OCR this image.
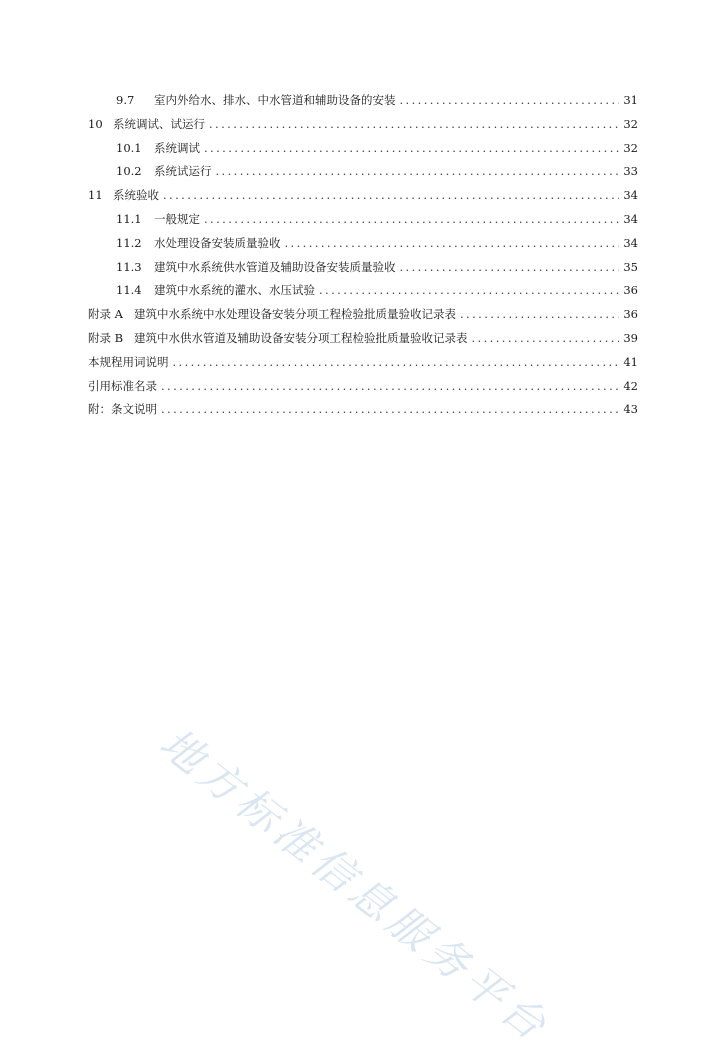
9.7	室内外给水、排水、中水管道和辅助设备的安装 .....	31
10 系统调试、试运行 .....	32
10.1	系统调试 .....	32
10.2	系统试运行 .....	33
11 系统验收 .....	34
11.1	一般规定 .....	34
11.2	水处理设备安装质量验收 .....	34
11.3	建筑中水系统供水管道及辅助设备安装质量验收 .....	35
11.4	建筑中水系统的灌水、水压试验 .....	36
附录 A 建筑中水系统中水处理设备安装分项工程检验批质量验收记录表 .....	36
附录 B 建筑中水供水管道及辅助设备安装分项工程检验批质量验收记录表 .....	39
本规程用词说明 .....	41
引用标准名录 .....	42
附：条文说明 .....	43
地方标准信息服务平台
